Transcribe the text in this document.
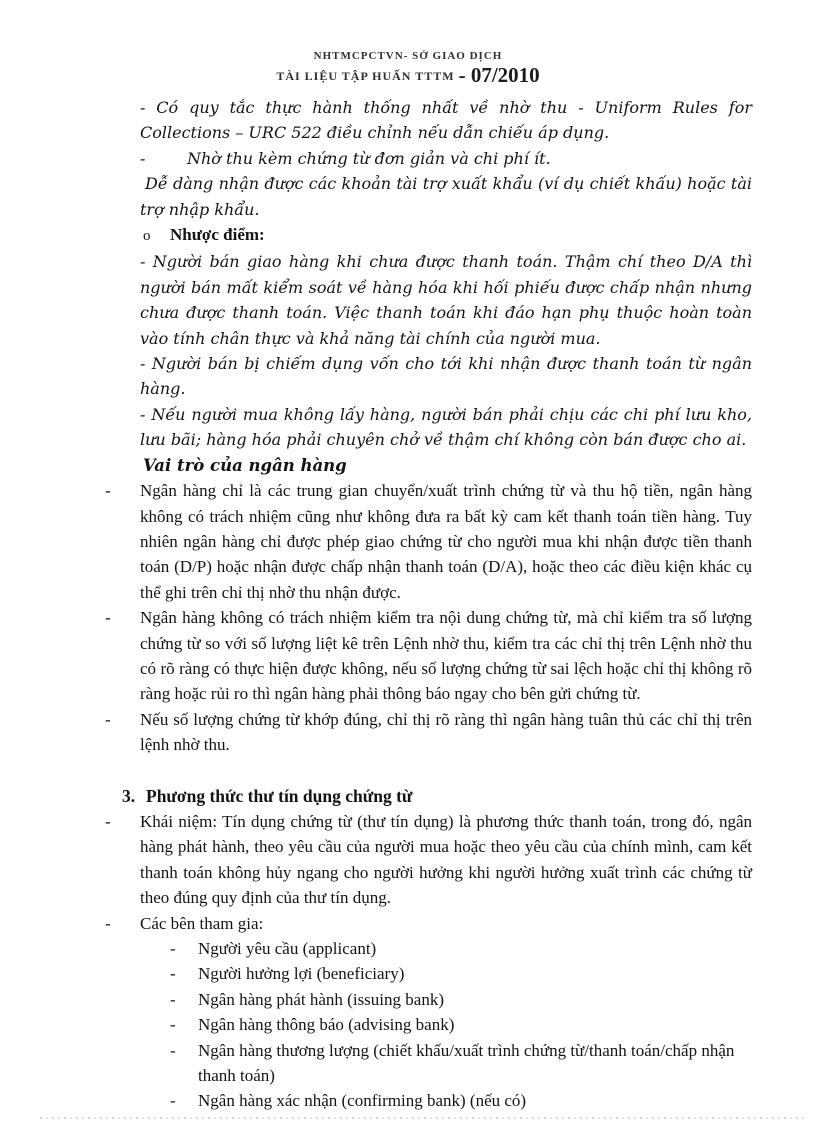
NHTMCPCTVN- SỞ GIAO DỊCH
TÀI LIỆU TẬP HUẤN TTTM - 07/2010

- Có quy tắc thực hành thống nhất về nhờ thu - Uniform Rules for Collections – URC 522 điều chỉnh nếu dẫn chiếu áp dụng.

-	Nhờ thu kèm chứng từ đơn giản và chi phí ít.

Dễ dàng nhận được các khoản tài trợ xuất khẩu (ví dụ chiết khấu) hoặc tài trợ nhập khẩu.

o Nhược điểm:

- Người bán giao hàng khi chưa được thanh toán. Thậm chí theo D/A thì người bán mất kiểm soát về hàng hóa khi hối phiếu được chấp nhận nhưng chưa được thanh toán. Việc thanh toán khi đáo hạn phụ thuộc hoàn toàn vào tính chân thực và khả năng tài chính của người mua.

- Người bán bị chiếm dụng vốn cho tới khi nhận được thanh toán từ ngân hàng.

- Nếu người mua không lấy hàng, người bán phải chịu các chi phí lưu kho, lưu bãi; hàng hóa phải chuyên chở về thậm chí không còn bán được cho ai.

Vai trò của ngân hàng

-	Ngân hàng chỉ là các trung gian chuyển/xuất trình chứng từ và thu hộ tiền, ngân hàng không có trách nhiệm cũng như không đưa ra bất kỳ cam kết thanh toán tiền hàng. Tuy nhiên ngân hàng chỉ được phép giao chứng từ cho người mua khi nhận được tiền thanh toán (D/P) hoặc nhận được chấp nhận thanh toán (D/A), hoặc theo các điều kiện khác cụ thể ghi trên chỉ thị nhờ thu nhận được.
-	Ngân hàng không có trách nhiệm kiểm tra nội dung chứng từ, mà chỉ kiểm tra số lượng chứng từ so với số lượng liệt kê trên Lệnh nhờ thu, kiểm tra các chỉ thị trên Lệnh nhờ thu có rõ ràng có thực hiện được không, nếu số lượng chứng từ sai lệch hoặc chỉ thị không rõ ràng hoặc rủi ro thì ngân hàng phải thông báo ngay cho bên gửi chứng từ.
-	Nếu số lượng chứng từ khớp đúng, chỉ thị rõ ràng thì ngân hàng tuân thủ các chỉ thị trên lệnh nhờ thu.
3. Phương thức thư tín dụng chứng từ
-	Khái niệm: Tín dụng chứng từ (thư tín dụng) là phương thức thanh toán, trong đó, ngân hàng phát hành, theo yêu cầu của người mua hoặc theo yêu cầu của chính mình, cam kết thanh toán không hủy ngang cho người hưởng khi người hưởng xuất trình các chứng từ theo đúng quy định của thư tín dụng.
-	Các bên tham gia:
-	Người yêu cầu (applicant)
-	Người hưởng lợi (beneficiary)
-	Ngân hàng phát hành (issuing bank)
-	Ngân hàng thông báo (advising bank)
-	Ngân hàng thương lượng (chiết khấu/xuất trình chứng từ/thanh toán/chấp nhận thanh toán)
-	Ngân hàng xác nhận (confirming bank) (nếu có)
